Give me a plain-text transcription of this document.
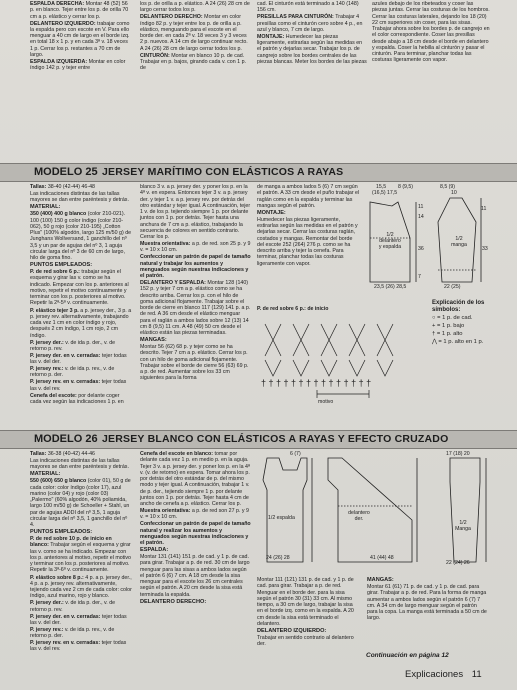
ESPALDA DERECHA: Montar 48 (52) 56 p. en blanco. Tejer entre los p. de orilla 70 cm a p. elástico y cerrar los p.

DELANTERO IZQUIERDO: trabajar como la espalda pero con escote en V. Para ello menguar a 40 cm de largo en el borde izq. en total 18 x 1 p. y en cada 3ª v. 18 veces 1 p. Cerrar los p. restantes a 70 cm de largo.

ESPALDA IZQUIERDA: Montar en color índigo 142 p. y tejer entre

los p. de orilla a p. elástico. A 24 (26) 28 cm de largo cerrar todos los p.

DELANTERO DERECHO: Montar en color índigo 82 p. y tejer entre los p. de orilla a p. elástico, menguando para el escote en el borde der. en cada 2ª v. 18 veces 3 y 3 veces 2 p. nuevos. A 14 cm de largo continuar recto. A 24 (26) 28 cm de largo cerrar todos los p.

CINTURÓN: Montar en blanco 10 p. de cad. Trabajar en p. bajos, girando cada v. con 1 p. de

cad. El cinturón está terminado a 140 (148) 156 cm.

PRESILLAS PARA CINTURÓN: Trabajar 4 presillas como el cinturón cero sobre 4 p., en azul y blanco, 7 cm de largo.

MONTAJE: Humedecer las piezas ligeramente, estirarlas según las medidas en el patrón y dejarlas secar. Trabajar los p. de cangrejo sobre los bordes centrales de las piezas blancas. Meter los bordes de las piezas

azules debajo de los ribeteados y coser las piezas juntas. Cerrar las costuras de los hombros. Cerrar las costuras laterales, dejando los 18 (20) 22 cm superiores sin coser, para las sisas. Trabajar ahora sobre los bordes p. de cangrejo en el color correspondiente. Coser las presillas desde abajo a 18 cm desde el borde en delantero y espalda. Coser la hebilla al cinturón y pasar el cinturón. Para terminar, planchar todas las costuras ligeramente con vapor.

MODELO 25 JERSEY MARÍTIMO CON ELÁSTICOS A RAYAS

Tallas: 38-40 (42-44) 46-48

Las indicaciones distintas de las tallas mayores se dan entre paréntesis y detrás.

MATERIAL:

350 (400) 400 g blanco (color 210-021). 100 (100) 150 g color índigo (color 210-062), 50 g rojo (color 210-195) „Cotton Plus" (100% algodón, largo 125 m/50 g) de Junghans Wollversand, 1 ganchillo del nº 3,5 y un par de agujas del nº 3, 1 aguja circular larga del nº 3 de 60 cm de largo, hilo de goma fino.

PUNTOS EMPLEADOS:

P. de red sobre 6 p.: trabajar según el esquema y girar las v. como se ha indicado. Empezar con los p. anteriores al motivo, repetir el motivo continuamente y terminar con los p. posteriores al motivo. Repetir la 2ª-5ª v. continuamente.

P. elástico tejer 3 p. a p. jersey der., 3 p. a p. jersey rev. alternativamente, trabajando cada vez 1 cm en color índigo y rojo, después 2 cm índigo, 1 cm rojo, 2 cm índigo.

P. jersey der.: v. de ida p. der., v. de retorno p. rev.

P. jersey der. en v. cerradas: tejer todas las v. del der.

P. jersey rev.: v. de ida p. rev., v. de retorno p. der.

P. jersey rev. en v. cerradas: tejer todas las v. del rev.

Cenefa del escote: por delante coger cada vez según las indicaciones 1 p. en

blanco 3 v. a p. jersey der. y poner los p. en la 4ª v. en espera. Entonces tejer 3 v. a p. jersey der. y tejer 1 v. a p. jersey rev. por detrás del otro estándar y tejer igual. A continuación, tejer 1 v. de los p. tejiendo siempre 1 p. por delante juntos con 1 p. por detrás. Tejer hasta una anchura de 7 cm a p. elástico, trabajando la secuencia de colores en sentido contrario. Cerrar los p.

Muestra orientativa: a p. de red. son 25 p. y 9 v. = 10 x 10 cm.

Confeccionar un patrón de papel de tamaño natural y trabajar los aumentos y menguados según nuestras indicaciones y el patrón.

DELANTERO Y ESPALDA: Montar 128 (140) 152 p. y tejer 7 cm a p. elástico como se ha descrito arriba. Cerrar los p. con el hilo de goma adicional flojamente. Trabajar sobre el borde de cierre en blanco 117 (129) 141 p. a p. de red. A 36 cm desde el elástico menguar para el raglán a ambos lados sobre 12 (13) 14 cm 8 (9,5) 11 cm. A 48 (49) 50 cm desde el elástico están las piezas terminadas.

MANGAS:

Montar 56 (62) 68 p. y tejer como se ha descrito. Tejer 7 cm a p. elástico. Cerrar los p. con un hilo de goma adicional flojamente. Trabajar sobre el borde de cierre 56 (63) 69 p. a p. de red. Aumentar sobre los 33 cm siguientes para la forma

de manga a ambos lados 5 (6) 7 cm según el patrón. A 33 cm desde el puño trabajar el raglán como en la espalda y terminar las mangas según el patrón.

MONTAJE:

Humedecer las piezas ligeramente, estirarlas según las medidas en el patrón y dejarlas secar. Cerrar las costuras raglán, costados y mangas. Remontar del borde del escote 252 (264) 276 p. como se ha descrito arriba y tejer la cenefa. Para terminar, planchar todas las costuras ligeramente con vapor.

15,5 8 (9,5)
(16,5) 17,5
11
14
36
7
1/2
delantero
y espalda
23,5 (26) 28,5
8,5 (9)
10
11
33
1/2
manga
22 (25)
P. de red sobre 6 p.: de inicio
† † † † † † † † † † † † † † †
motivo
Explicación de los símbolos:
○ = 1 p. de cad.
+ = 1 p. bajo
† = 1 p. alto
⋀ = 1 p. alto en 1 p.
MODELO 26 JERSEY BLANCO CON ELÁSTICOS A RAYAS Y EFECTO CRUZADO

Tallas: 36-38 (40-42) 44-46

Las indicaciones distintas de las tallas mayores se dan entre paréntesis y detrás.

MATERIAL:

550 (600) 650 g blanco (color 01), 50 g de cada color: color índigo (color 17), azul marino (color 04) y rojo (color 03) „Palermo" (60% algodón, 40% poliamida, largo 100 m/50 g) de Schoeller + Stahl, un par de agujas ADDI del nº 3,5, 1 aguja circular larga del nº 3,5, 1 ganchillo del nº 4.

PUNTOS EMPLEADOS:

P. de red sobre 10 p. de inicio en blanco: Trabajar según el esquema y girar las v. como se ha indicado. Empezar con los p. anteriores al motivo, repetir el motivo y terminar con los p. posteriores al motivo. Repetir la 3ª-6ª v. continuamente.

P. elástico sobre 8 p.: 4 p. a p. jersey der., 4 p. a p. jersey rev. alternativamente, tejiendo cada vez 2 cm de cada color: color índigo, azul marino, rojo y blanco.

P. jersey der.: v. de ida p. der., v. de retorno p. rev.

P. jersey der. en v. cerradas: tejer todas las v. del der.

P. jersey rev.: v. de ida p. rev., v. de retorno p. der.

P. jersey rev. en v. cerradas: tejer todas las v. del rev.

Cenefa del escote en blanco: tomar por delante cada vez 1 p. en medio p. en la aguja. Tejer 3 v. a p. jersey der. y poner los p. en la 4ª v. (v. de retorno) en espera. Tomar ahora los p. por detrás del otro estándar de p. del mismo modo y tejer igual. A continuación, trabajar 1 v. de p. der., tejiendo siempre 1 p. por delante juntos con 1 p. por detrás. Tejer hasta 4 cm de ancho de cenefa a p. elástico. Cerrar los p.

Muestra orientativa: a p. de red son 27 p. y 9 v. = 10 x 10 cm.

Confeccionar un patrón de papel de tamaño natural y realizar los aumentos y menguados según nuestras indicaciones y el patrón.

ESPALDA:

Montar 131 (141) 151 p. de cad. y 1 p. de cad. para girar. Trabajar a p. de red. 30 cm de largo menguar para las sisas a ambos lados según el patrón 6 (6) 7 cm. A 18 cm desde la sisa menguar para el escote los 26 cm centrales según el patrón. A 20 cm desde la sisa está terminada la espalda.

DELANTERO DERECHO:

Montar 111 (121) 131 p. de cad. y 1 p. de cad. para girar. Trabajar a p. de red. Menguar en el borde der. para la sisa según el patrón 30 (31) 33 cm. Al mismo tiempo, a 30 cm de largo, trabajar la sisa en el borde izq. como en la espalda. A 20 cm desde la sisa está terminado el delantero.

DELANTERO IZQUIERDO:

Trabajar en sentido contrario al delantero der.

MANGAS:

Montar 61 (61) 71 p. de cad. y 1 p. de cad. para girar. Trabajar a p. de red. Para la forma de manga aumentar a ambos lados según el patrón 6 (7) 7 cm. A 34 cm de largo menguar según el patrón para la copa. La manga está terminada a 50 cm de largo.

6 (7)
1/2 espalda
24 (26) 28
delantero
der.
41 (44) 48
17 (18) 20
1/2
Manga
22 (24) 26
Continuación en página 12
Explicaciones 11
